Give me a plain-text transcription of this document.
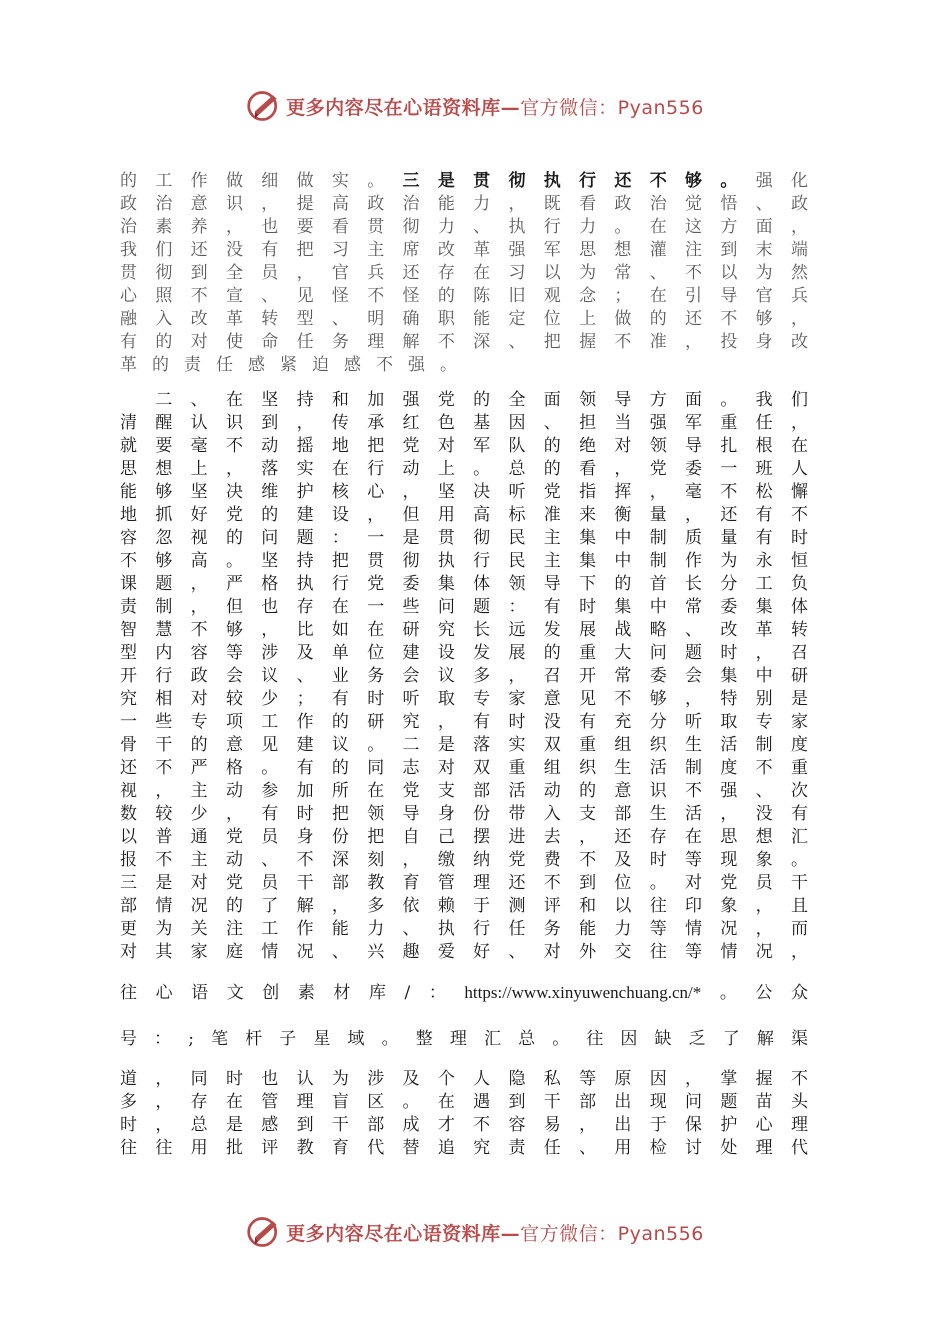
更多内容尽在心语资料库—官方微信：Pyan556
的工作做细做实。三是贯彻执行还不够。强化
政治意识，提高政治能力，既看政治觉悟、政
治素养，也要看贯彻力、执行力。在这方面，
我们还没有把习主席改革强军思想灌注到末端
贯彻到全员，官兵还存在习以为常、不以为然
心照不宣、见怪不怪的陈旧观念；在引导官兵
融入改革转型、明确职能定位上做的还不够，
有的对使命任务理解不深、把握不准，投身改
革的责任感紧迫感不强。
　二、在坚持和加强党的全面领导方面。我们
清醒认识到，传承红色基因、担当强军重任，
就要毫不动摇地把党对军队的绝对领导扎根在
思想上，落实在行动上。总的看，党委一班人
能够坚决维护核心，坚决听党指挥，毫不松懈
地抓好党的建设，但用高标准来衡量，还有不
容忽视的问题：一是贯彻民主集中制质量有时
不够高。坚持把贯彻执行民主集中制作为永恒
课题，严格执行党委集体领导下的首长分工负
责制，但也存在一些问题：有时集中常委集体
智慧不够，比如在研究长远发展战略、改革转
型内容等涉及单位建设发展的重大问题时，召
开行政会议、业务会议多，召开常委会集中研
究相对较少；有时听取专家意见不够，特别是
一些专项工作的研究，有时没有充分听取专家
骨干的意见建议。二是落实双重组织生活制度
还不严格。有的同志对双重组织生活制度不重
视，主动参加所在党支部活动的意识不强、次
数较少，有时把领导身份带入支部生活，没有
以普通党员身份把自己摆进去，还存在思想汇
报不主动、不深刻，缴纳党费不及时等现象。
三是对党员干部教育管理还不到位。对党员干
部情况的了解，多依赖于测评和以往印象，且
更为关注工作能力、执行任务能力等情况，而
对其家庭情况、兴趣爱好、对外交往等情况，
往心语文创素材库/：https://www.xinyuwenchuang.cn/*。公众
号：;笔杆子星域。整理汇总。往因缺乏了解渠
道，同时也认为涉及个人隐私等原因，掌握不
多，存在管理盲区。在遇到干部出现问题苗头
时，总是感到干部成才不容易，出于保护心理
往往用批评教育代替追究责任、用检讨处理代
更多内容尽在心语资料库—官方微信：Pyan556
